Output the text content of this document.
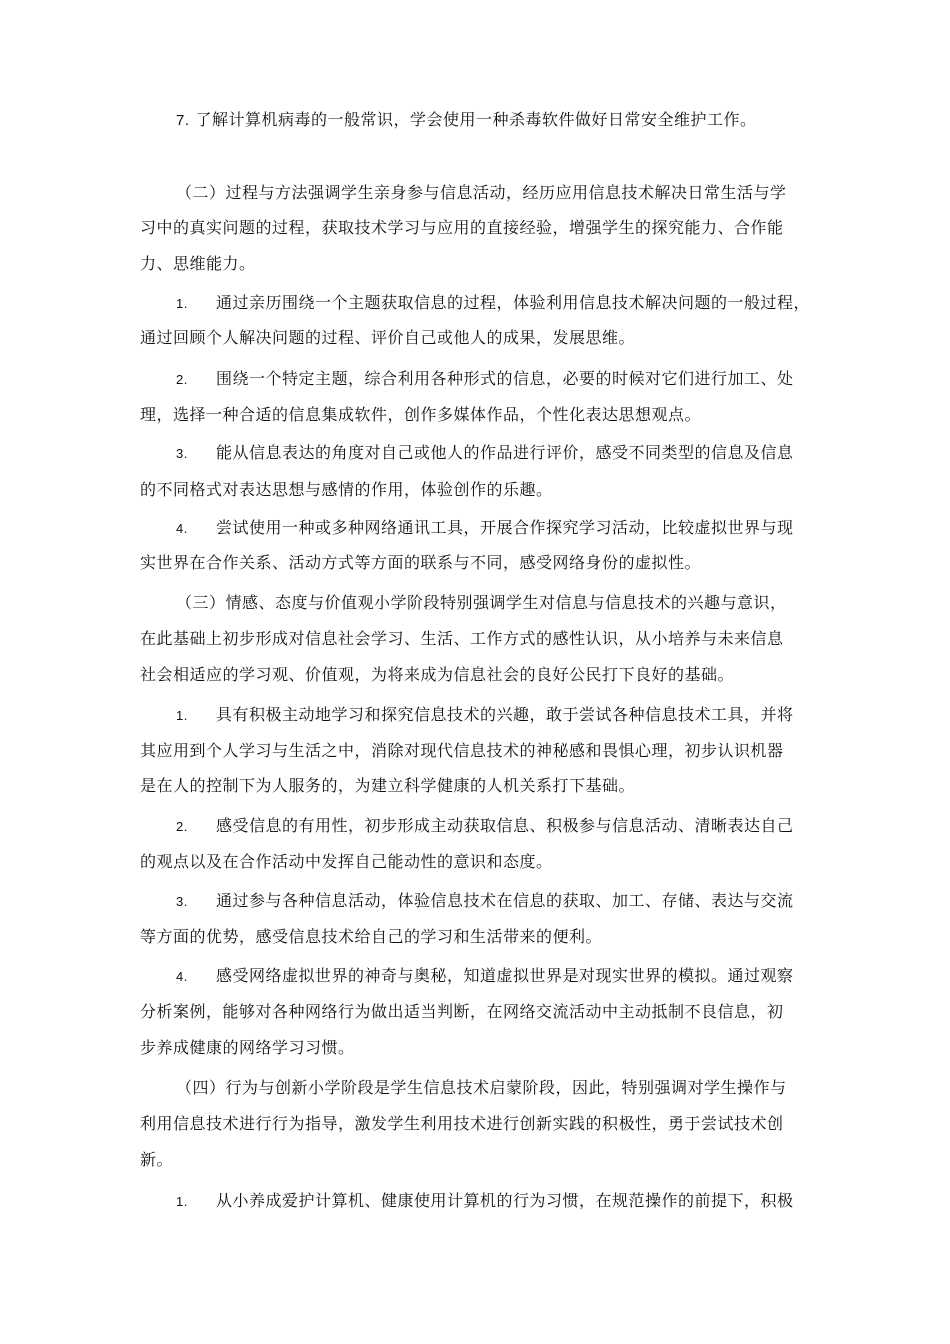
7. 了解计算机病毒的一般常识，学会使用一种杀毒软件做好日常安全维护工作。
（二）过程与方法强调学生亲身参与信息活动，经历应用信息技术解决日常生活与学
习中的真实问题的过程，获取技术学习与应用的直接经验，增强学生的探究能力、合作能
力、思维能力。
1. 通过亲历围绕一个主题获取信息的过程，体验利用信息技术解决问题的一般过程，
通过回顾个人解决问题的过程、评价自己或他人的成果，发展思维。
2. 围绕一个特定主题，综合利用各种形式的信息，必要的时候对它们进行加工、处
理，选择一种合适的信息集成软件，创作多媒体作品，个性化表达思想观点。
3. 能从信息表达的角度对自己或他人的作品进行评价，感受不同类型的信息及信息
的不同格式对表达思想与感情的作用，体验创作的乐趣。
4. 尝试使用一种或多种网络通讯工具，开展合作探究学习活动，比较虚拟世界与现
实世界在合作关系、活动方式等方面的联系与不同，感受网络身份的虚拟性。
（三）情感、态度与价值观小学阶段特别强调学生对信息与信息技术的兴趣与意识，
在此基础上初步形成对信息社会学习、生活、工作方式的感性认识，从小培养与未来信息
社会相适应的学习观、价值观，为将来成为信息社会的良好公民打下良好的基础。
1. 具有积极主动地学习和探究信息技术的兴趣，敢于尝试各种信息技术工具，并将
其应用到个人学习与生活之中，消除对现代信息技术的神秘感和畏惧心理，初步认识机器
是在人的控制下为人服务的，为建立科学健康的人机关系打下基础。
2. 感受信息的有用性，初步形成主动获取信息、积极参与信息活动、清晰表达自己
的观点以及在合作活动中发挥自己能动性的意识和态度。
3. 通过参与各种信息活动，体验信息技术在信息的获取、加工、存储、表达与交流
等方面的优势，感受信息技术给自己的学习和生活带来的便利。
4. 感受网络虚拟世界的神奇与奥秘，知道虚拟世界是对现实世界的模拟。通过观察
分析案例，能够对各种网络行为做出适当判断，在网络交流活动中主动抵制不良信息，初
步养成健康的网络学习习惯。
（四）行为与创新小学阶段是学生信息技术启蒙阶段，因此，特别强调对学生操作与
利用信息技术进行行为指导，激发学生利用技术进行创新实践的积极性，勇于尝试技术创
新。
1. 从小养成爱护计算机、健康使用计算机的行为习惯，在规范操作的前提下，积极
